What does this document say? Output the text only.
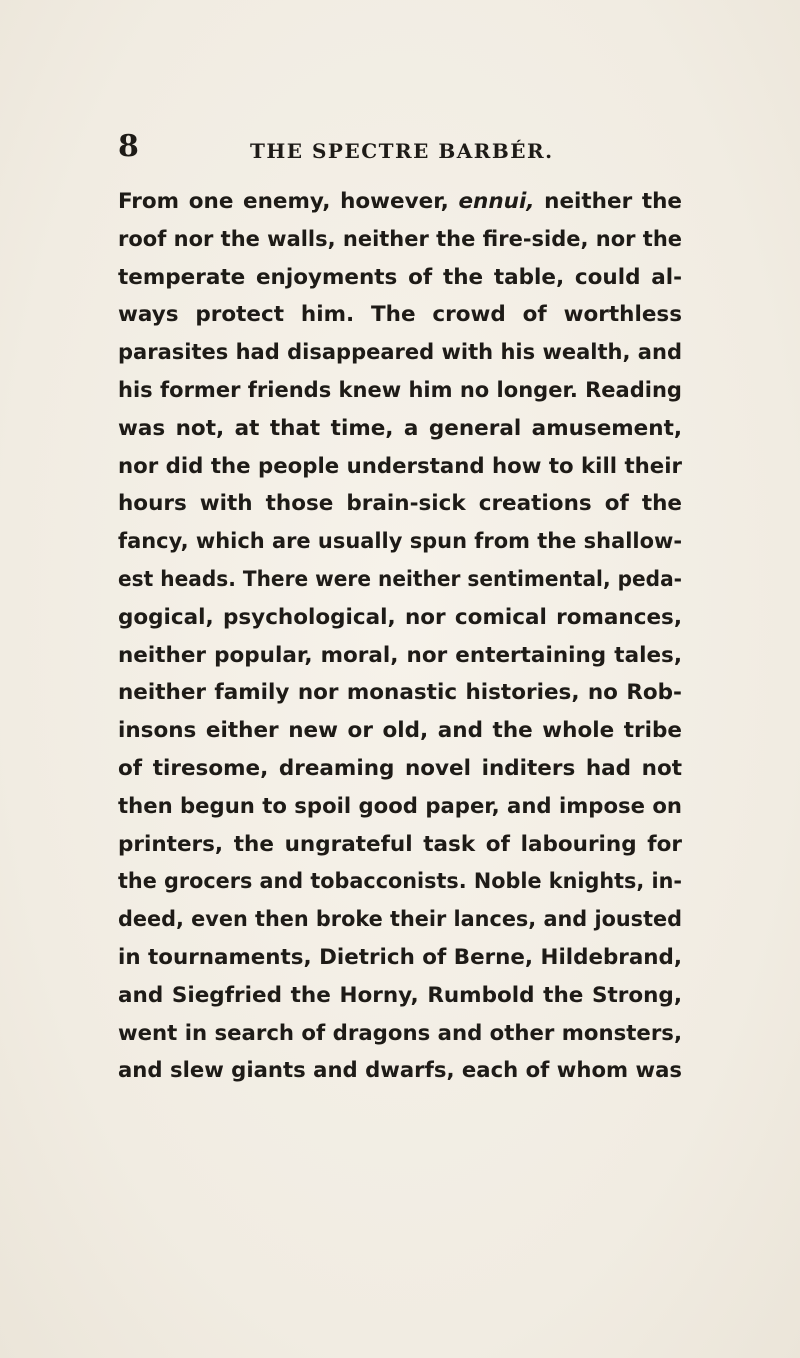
8	THE SPECTRE BARBÉR.
From one enemy, however, ennui, neither the
roof nor the walls, neither the fire-side, nor the
temperate enjoyments of the table, could al-
ways protect him. The crowd of worthless
parasites had disappeared with his wealth, and
his former friends knew him no longer. Reading
was not, at that time, a general amusement,
nor did the people understand how to kill their
hours with those brain-sick creations of the
fancy, which are usually spun from the shallow-
est heads. There were neither sentimental, peda-
gogical, psychological, nor comical romances,
neither popular, moral, nor entertaining tales,
neither family nor monastic histories, no Rob-
insons either new or old, and the whole tribe
of tiresome, dreaming novel inditers had not
then begun to spoil good paper, and impose on
printers, the ungrateful task of labouring for
the grocers and tobacconists. Noble knights, in-
deed, even then broke their lances, and jousted
in tournaments, Dietrich of Berne, Hildebrand,
and Siegfried the Horny, Rumbold the Strong,
went in search of dragons and other monsters,
and slew giants and dwarfs, each of whom was
